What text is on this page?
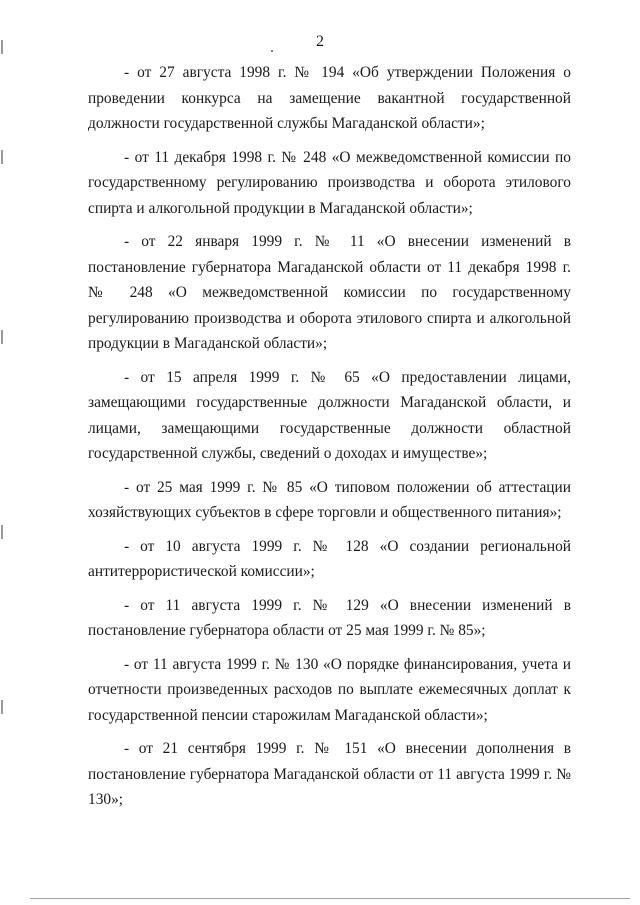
2

- от 27 августа 1998 г. № 194 «Об утверждении Положения о проведении конкурса на замещение вакантной государственной должности государственной службы Магаданской области»;

- от 11 декабря 1998 г. № 248 «О межведомственной комиссии по государственному регулированию производства и оборота этилового спирта и алкогольной продукции в Магаданской области»;

- от 22 января 1999 г. № 11 «О внесении изменений в постановление губернатора Магаданской области от 11 декабря 1998 г. № 248 «О межведомственной комиссии по государственному регулированию производства и оборота этилового спирта и алкогольной продукции в Магаданской области»;

- от 15 апреля 1999 г. № 65 «О предоставлении лицами, замещающими государственные должности Магаданской области, и лицами, замещающими государственные должности областной государственной службы, сведений о доходах и имуществе»;

- от 25 мая 1999 г. № 85 «О типовом положении об аттестации хозяйствующих субъектов в сфере торговли и общественного питания»;

- от 10 августа 1999 г. № 128 «О создании региональной антитеррористической комиссии»;

- от 11 августа 1999 г. № 129 «О внесении изменений в постановление губернатора области от 25 мая 1999 г. № 85»;

- от 11 августа 1999 г. № 130 «О порядке финансирования, учета и отчетности произведенных расходов по выплате ежемесячных доплат к государственной пенсии старожилам Магаданской области»;

- от 21 сентября 1999 г. № 151 «О внесении дополнения в постановление губернатора Магаданской области от 11 августа 1999 г. № 130»;
